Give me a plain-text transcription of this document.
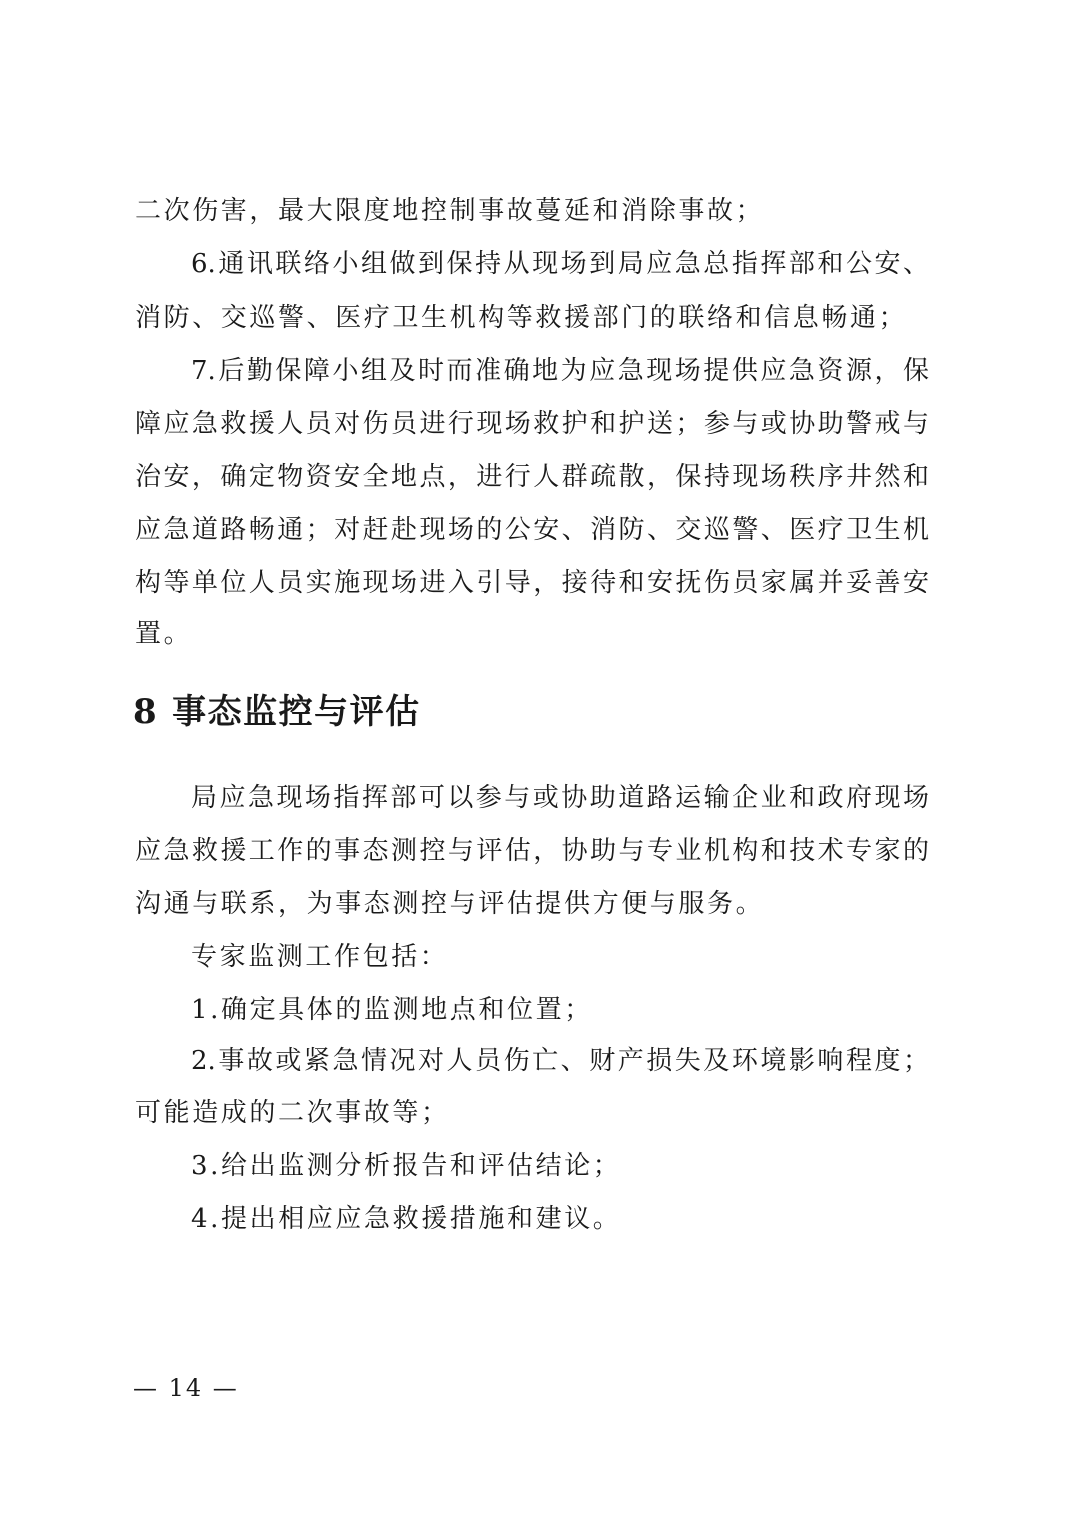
二次伤害，最大限度地控制事故蔓延和消除事故；
6.通讯联络小组做到保持从现场到局应急总指挥部和公安、
消防、交巡警、医疗卫生机构等救援部门的联络和信息畅通；
7.后勤保障小组及时而准确地为应急现场提供应急资源，保
障应急救援人员对伤员进行现场救护和护送；参与或协助警戒与
治安，确定物资安全地点，进行人群疏散，保持现场秩序井然和
应急道路畅通；对赶赴现场的公安、消防、交巡警、医疗卫生机
构等单位人员实施现场进入引导，接待和安抚伤员家属并妥善安
置。
8 事态监控与评估
局应急现场指挥部可以参与或协助道路运输企业和政府现场
应急救援工作的事态测控与评估，协助与专业机构和技术专家的
沟通与联系，为事态测控与评估提供方便与服务。
专家监测工作包括：
1.确定具体的监测地点和位置；
2.事故或紧急情况对人员伤亡、财产损失及环境影响程度；
可能造成的二次事故等；
3.给出监测分析报告和评估结论；
4.提出相应应急救援措施和建议。
— 14 —
